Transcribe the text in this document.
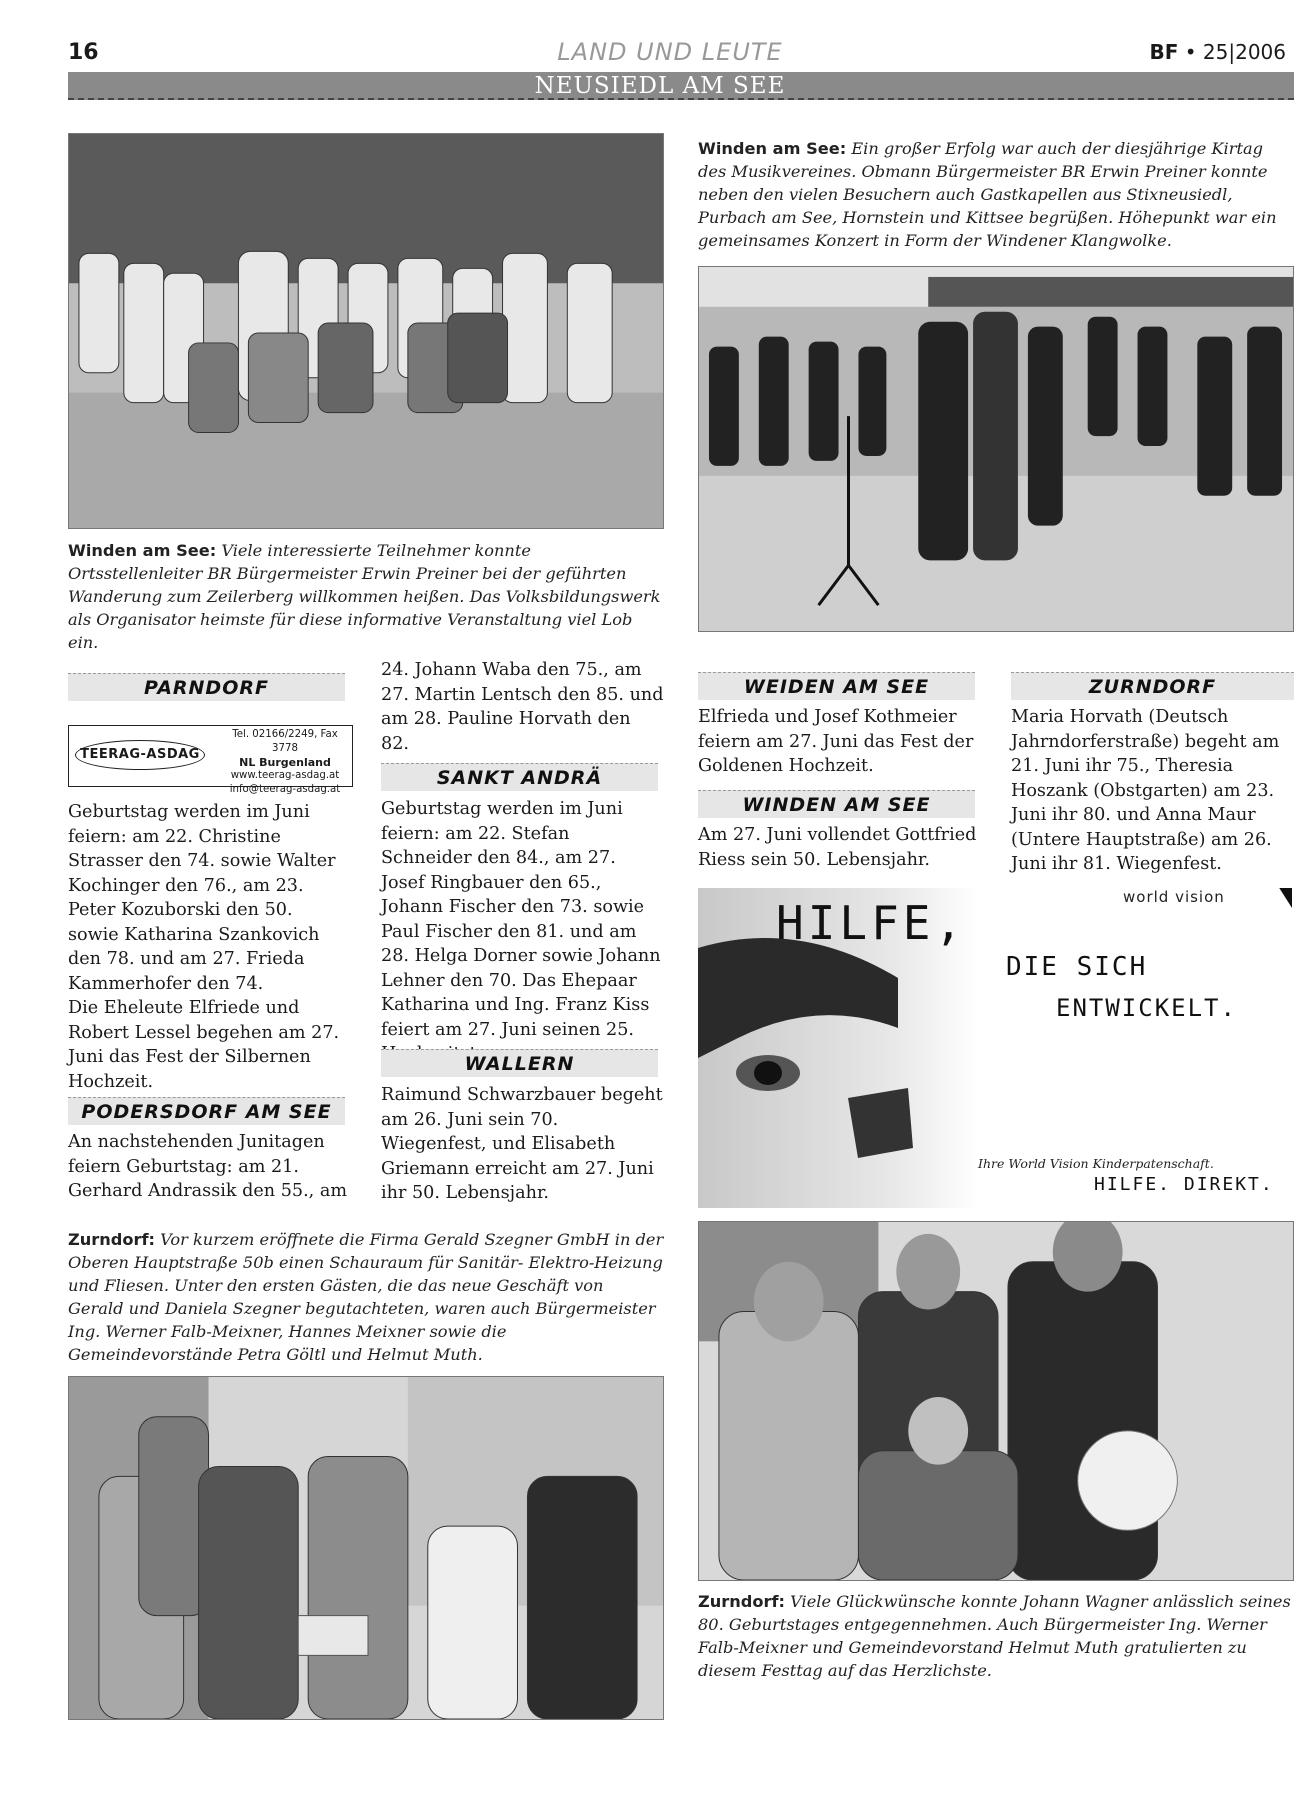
16	LAND UND LEUTE	BF • 25|2006
NEUSIEDL AM SEE
Winden am See: Viele interessierte Teilnehmer konnte Ortsstellenleiter BR Bürgermeister Erwin Preiner bei der geführten Wanderung zum Zeilerberg willkommen heißen. Das Volksbildungswerk als Organisator heimste für diese informative Veranstaltung viel Lob ein.
Winden am See: Ein großer Erfolg war auch der diesjährige Kirtag des Musikvereines. Obmann Bürgermeister BR Erwin Preiner konnte neben den vielen Besuchern auch Gastkapellen aus Stixneusiedl, Purbach am See, Hornstein und Kittsee begrüßen. Höhepunkt war ein gemeinsames Konzert in Form der Windener Klangwolke.
PARNDORF
TEERAG-ASDAG
Tel. 02166/2249, Fax 3778
NL Burgenland
www.teerag-asdag.at
info@teerag-asdag.at

Geburtstag werden im Juni feiern: am 22. Christine Strasser den 74. sowie Walter Kochinger den 76., am 23. Peter Kozuborski den 50. sowie Katharina Szankovich den 78. und am 27. Frieda Kammerhofer den 74.

Die Eheleute Elfriede und Robert Lessel begehen am 27. Juni das Fest der Silbernen Hochzeit.

PODERSDORF AM SEE

An nachstehenden Junitagen feiern Geburtstag: am 21. Gerhard Andrassik den 55., am

24. Johann Waba den 75., am 27. Martin Lentsch den 85. und am 28. Pauline Horvath den 82.

SANKT ANDRÄ

Geburtstag werden im Juni feiern: am 22. Stefan Schneider den 84., am 27. Josef Ringbauer den 65., Johann Fischer den 73. sowie Paul Fischer den 81. und am 28. Helga Dorner sowie Johann Lehner den 70. Das Ehepaar Katharina und Ing. Franz Kiss feiert am 27. Juni seinen 25.

WALLERN

Raimund Schwarzbauer begeht am 26. Juni sein 70. Wiegenfest, und Elisabeth Griemann erreicht am 27. Juni ihr 50. Lebensjahr.

WEIDEN AM SEE

Elfrieda und Josef Kothmeier feiern am 27. Juni das Fest der Goldenen Hochzeit.

WINDEN AM SEE

Am 27. Juni vollendet Gottfried Riess sein 50. Lebensjahr.

ZURNDORF

Maria Horvath (Deutsch Jahrndorferstraße) begeht am 21. Juni ihr 75., Theresia Hoszank (Obstgarten) am 23. Juni ihr 80. und Anna Maur (Untere Hauptstraße) am 26. Juni ihr 81. Wiegenfest.

world vision
HILFE,
DIE SICH
ENTWICKELT.
Ihre World Vision Kinderpatenschaft.
HILFE. DIREKT.
Zurndorf: Vor kurzem eröffnete die Firma Gerald Szegner GmbH in der Oberen Hauptstraße 50b einen Schauraum für Sanitär- Elektro-Heizung und Fliesen. Unter den ersten Gästen, die das neue Geschäft von Gerald und Daniela Szegner begutachteten, waren auch Bürgermeister Ing. Werner Falb-Meixner, Hannes Meixner sowie die Gemeindevorstände Petra Göltl und Helmut Muth.
Zurndorf: Viele Glückwünsche konnte Johann Wagner anlässlich seines 80. Geburtstages entgegennehmen. Auch Bürgermeister Ing. Werner Falb-Meixner und Gemeindevorstand Helmut Muth gratulierten zu diesem Festtag auf das Herzlichste.
